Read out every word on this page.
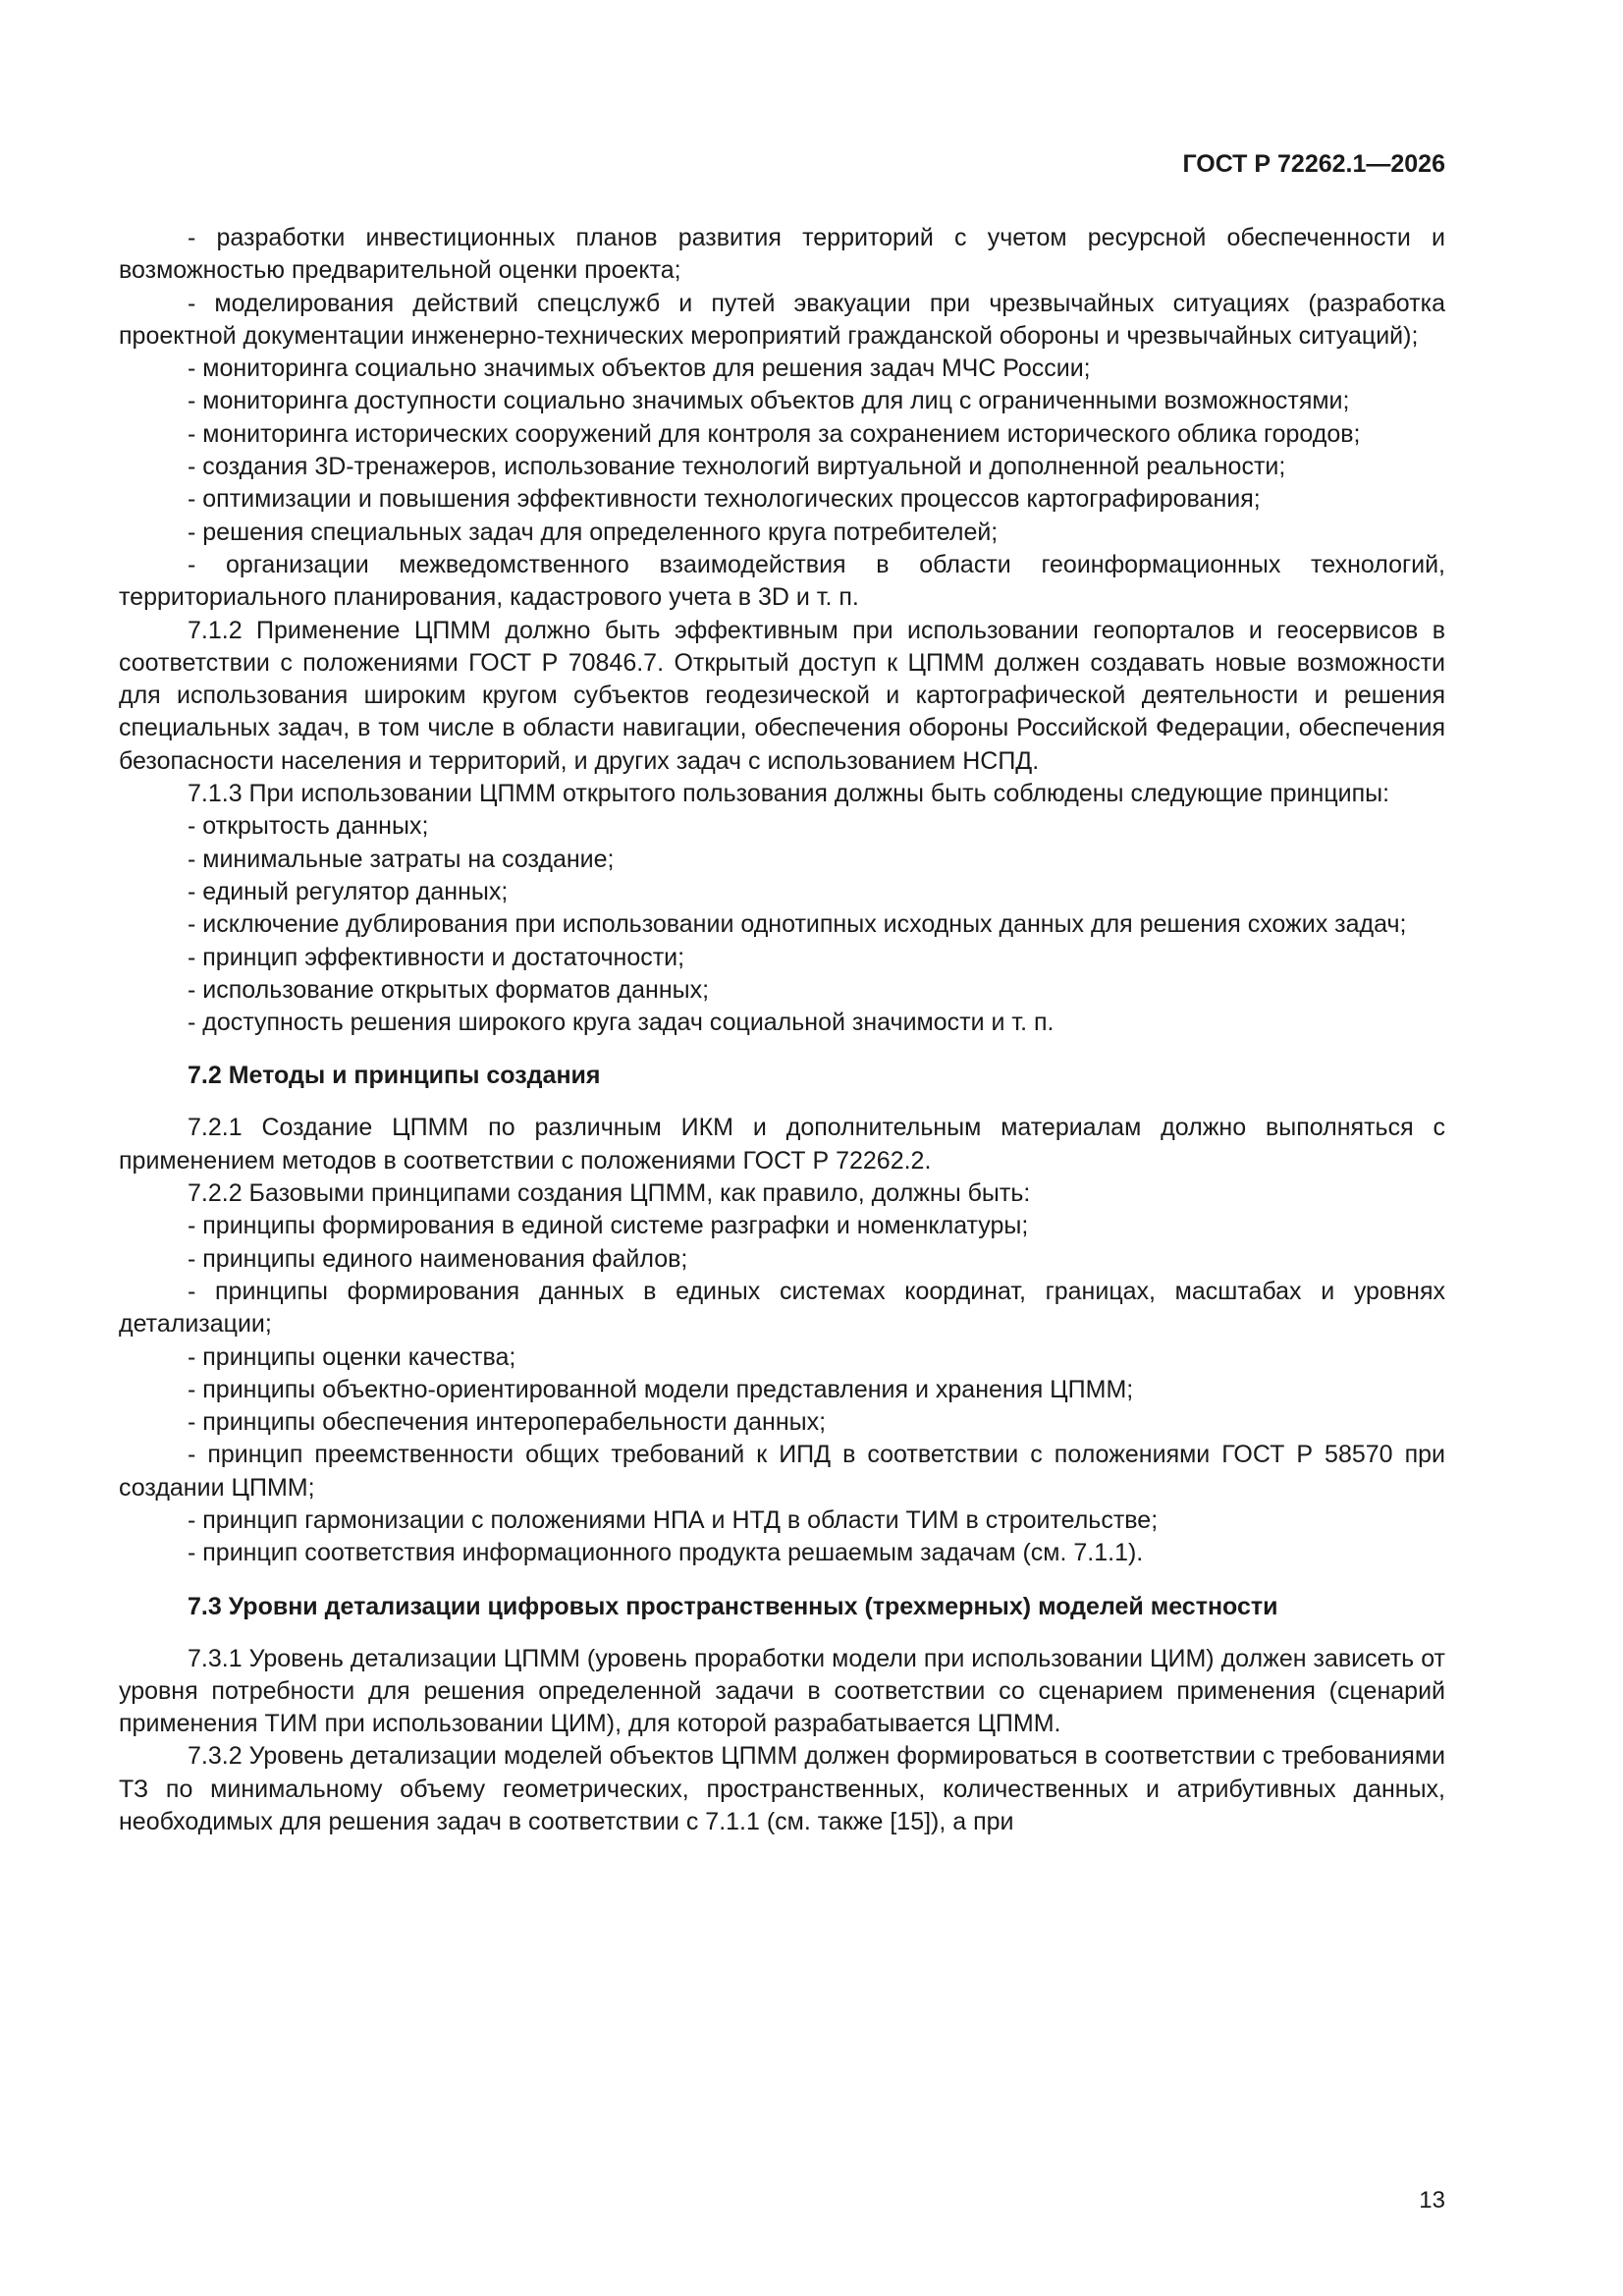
ГОСТ Р 72262.1—2026

- разработки инвестиционных планов развития территорий с учетом ресурсной обеспеченности и возможностью предварительной оценки проекта;

- моделирования действий спецслужб и путей эвакуации при чрезвычайных ситуациях (разработка проектной документации инженерно-технических мероприятий гражданской обороны и чрезвычайных ситуаций);

- мониторинга социально значимых объектов для решения задач МЧС России;

- мониторинга доступности социально значимых объектов для лиц с ограниченными возможностями;

- мониторинга исторических сооружений для контроля за сохранением исторического облика городов;

- создания 3D-тренажеров, использование технологий виртуальной и дополненной реальности;

- оптимизации и повышения эффективности технологических процессов картографирования;

- решения специальных задач для определенного круга потребителей;

- организации межведомственного взаимодействия в области геоинформационных технологий, территориального планирования, кадастрового учета в 3D и т. п.

7.1.2 Применение ЦПММ должно быть эффективным при использовании геопорталов и геосервисов в соответствии с положениями ГОСТ Р 70846.7. Открытый доступ к ЦПММ должен создавать новые возможности для использования широким кругом субъектов геодезической и картографической деятельности и решения специальных задач, в том числе в области навигации, обеспечения обороны Российской Федерации, обеспечения безопасности населения и территорий, и других задач с использованием НСПД.

7.1.3 При использовании ЦПММ открытого пользования должны быть соблюдены следующие принципы:

- открытость данных;

- минимальные затраты на создание;

- единый регулятор данных;

- исключение дублирования при использовании однотипных исходных данных для решения схожих задач;

- принцип эффективности и достаточности;

- использование открытых форматов данных;

- доступность решения широкого круга задач социальной значимости и т. п.

7.2 Методы и принципы создания

7.2.1 Создание ЦПММ по различным ИКМ и дополнительным материалам должно выполняться с применением методов в соответствии с положениями ГОСТ Р 72262.2.

7.2.2 Базовыми принципами создания ЦПММ, как правило, должны быть:

- принципы формирования в единой системе разграфки и номенклатуры;

- принципы единого наименования файлов;

- принципы формирования данных в единых системах координат, границах, масштабах и уровнях детализации;

- принципы оценки качества;

- принципы объектно-ориентированной модели представления и хранения ЦПММ;

- принципы обеспечения интероперабельности данных;

- принцип преемственности общих требований к ИПД в соответствии с положениями ГОСТ Р 58570 при создании ЦПММ;

- принцип гармонизации с положениями НПА и НТД в области ТИМ в строительстве;

- принцип соответствия информационного продукта решаемым задачам (см. 7.1.1).

7.3 Уровни детализации цифровых пространственных (трехмерных) моделей местности

7.3.1 Уровень детализации ЦПММ (уровень проработки модели при использовании ЦИМ) должен зависеть от уровня потребности для решения определенной задачи в соответствии со сценарием применения (сценарий применения ТИМ при использовании ЦИМ), для которой разрабатывается ЦПММ.

7.3.2 Уровень детализации моделей объектов ЦПММ должен формироваться в соответствии с требованиями ТЗ по минимальному объему геометрических, пространственных, количественных и атрибутивных данных, необходимых для решения задач в соответствии с 7.1.1 (см. также [15]), а при

13
